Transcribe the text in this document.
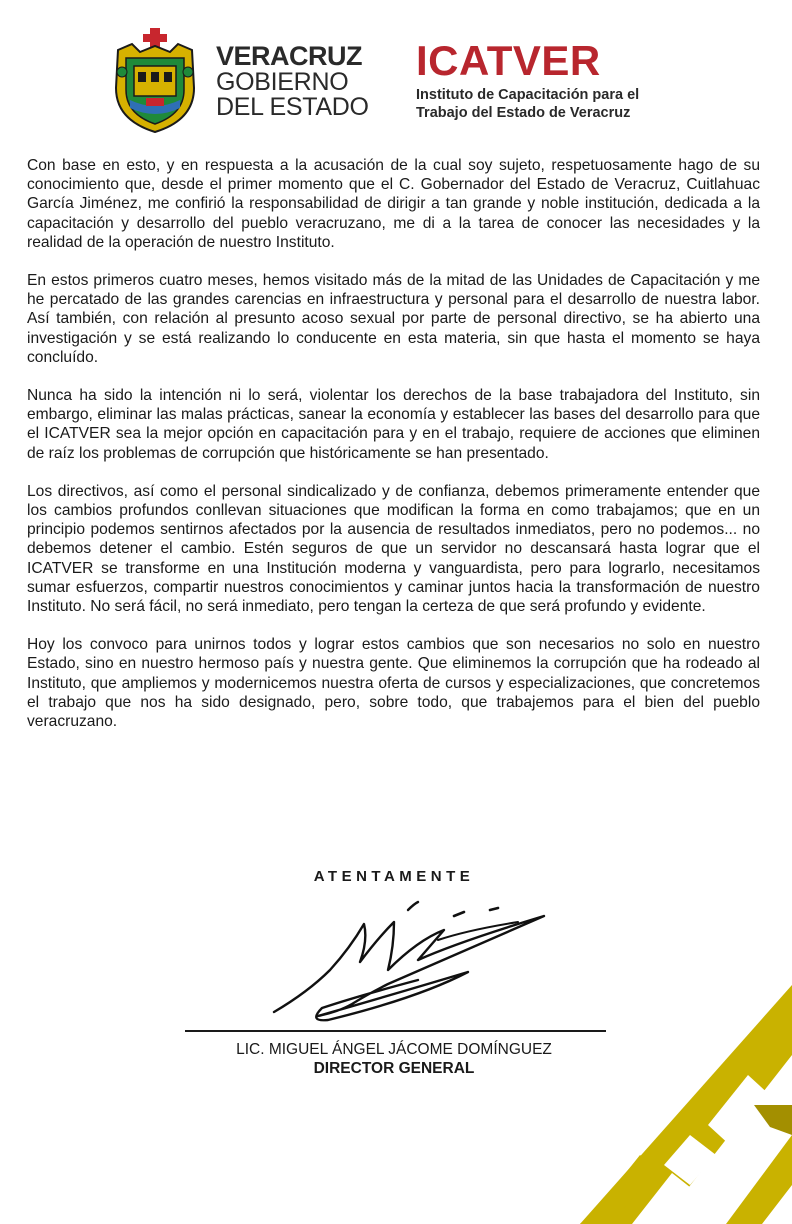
VERACRUZ
GOBIERNO
DEL ESTADO
ICATVER
Instituto de Capacitación para el
Trabajo del Estado de Veracruz

Con base en esto, y en respuesta a la acusación de la cual soy sujeto, respetuosamente hago de su conocimiento que, desde el primer momento que el C. Gobernador del Estado de Veracruz, Cuitlahuac García Jiménez, me confirió la responsabilidad de dirigir a tan grande y noble institución, dedicada a la capacitación y desarrollo del pueblo veracruzano, me di a la tarea de conocer las necesidades y la realidad de la operación de nuestro Instituto.

En estos primeros cuatro meses, hemos visitado más de la mitad de las Unidades de Capacitación y me he percatado de las grandes carencias en infraestructura y personal para el desarrollo de nuestra labor. Así también, con relación al presunto acoso sexual por parte de personal directivo, se ha abierto una investigación y se está realizando lo conducente en esta materia, sin que hasta el momento se haya concluído.

Nunca ha sido la intención ni lo será, violentar los derechos de la base trabajadora del Instituto, sin embargo, eliminar las malas prácticas, sanear la economía y establecer las bases del desarrollo para que el ICATVER sea la mejor opción en capacitación para y en el trabajo, requiere de acciones que eliminen de raíz los problemas de corrupción que históricamente se han presentado.

Los directivos, así como el personal sindicalizado y de confianza, debemos primeramente entender que los cambios profundos conllevan situaciones que modifican la forma en como trabajamos; que en un principio podemos sentirnos afectados por la ausencia de resultados inmediatos, pero no podemos... no debemos detener el cambio. Estén seguros de que un servidor no descansará hasta lograr que el ICATVER se transforme en una Institución moderna y vanguardista, pero para lograrlo, necesitamos sumar esfuerzos, compartir nuestros conocimientos y caminar juntos hacia la transformación de nuestro Instituto. No será fácil, no será inmediato, pero tengan la certeza de que será profundo y evidente.

Hoy los convoco para unirnos todos y lograr estos cambios que son necesarios no solo en nuestro Estado, sino en nuestro hermoso país y nuestra gente. Que eliminemos la corrupción que ha rodeado al Instituto, que ampliemos y modernicemos nuestra oferta de cursos y especializaciones, que concretemos el trabajo que nos ha sido designado, pero, sobre todo, que trabajemos para el bien del pueblo veracruzano.

ATENTAMENTE
LIC. MIGUEL ÁNGEL JÁCOME DOMÍNGUEZ
DIRECTOR GENERAL
